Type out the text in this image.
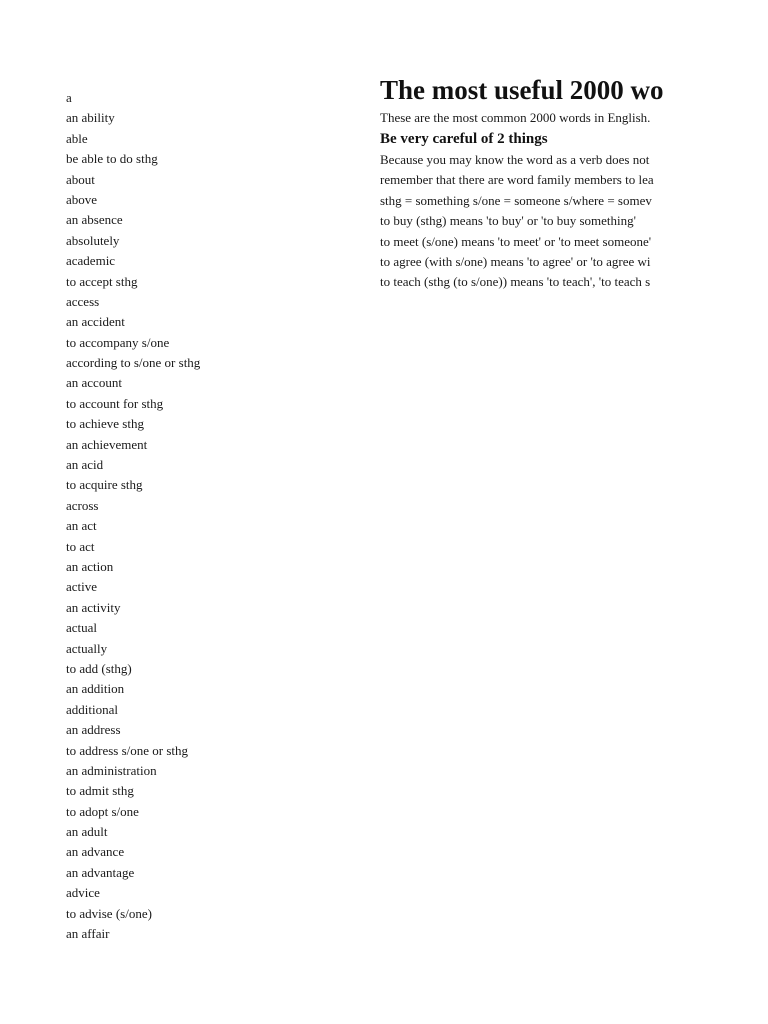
a
an ability
able
be able to do sthg
about
above
an absence
absolutely
academic
to accept sthg
access
an accident
to accompany s/one
according to s/one or sthg
an account
to account for sthg
to achieve sthg
an achievement
an acid
to acquire sthg
across
an act
to act
an action
active
an activity
actual
actually
to add (sthg)
an addition
additional
an address
to address s/one or sthg
an administration
to admit sthg
to adopt s/one
an adult
an advance
an advantage
advice
to advise (s/one)
an affair
The most useful 2000 wo
These are the most common 2000 words in English.
Be very careful of 2 things
Because you may know the word as a verb does not
remember that there are word family members to lea
sthg = something s/one = someone s/where = somev
to buy (sthg) means 'to buy' or 'to buy something'
to meet (s/one) means 'to meet' or 'to meet someone'
to agree (with s/one) means 'to agree' or 'to agree wi
to teach (sthg (to s/one)) means 'to teach', 'to teach s
